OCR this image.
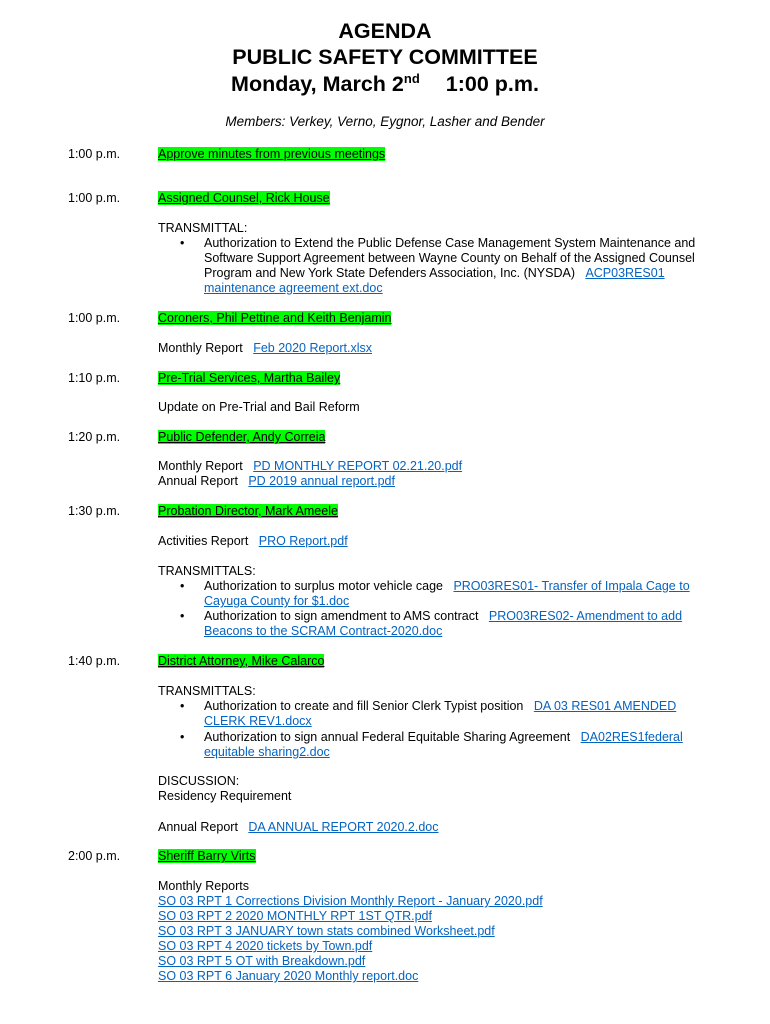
AGENDA
PUBLIC SAFETY COMMITTEE
Monday, March 2nd 1:00 p.m.
Members: Verkey, Verno, Eygnor, Lasher and Bender
1:00 p.m.	Approve minutes from previous meetings
1:00 p.m.	Assigned Counsel, Rick House
TRANSMITTAL:
• Authorization to Extend the Public Defense Case Management System Maintenance and
Software Support Agreement between Wayne County on Behalf of the Assigned Counsel
Program and New York State Defenders Association, Inc. (NYSDA) ACP03RES01
maintenance agreement ext.doc
1:00 p.m.	Coroners, Phil Pettine and Keith Benjamin
Monthly Report Feb 2020 Report.xlsx
1:10 p.m.	Pre-Trial Services, Martha Bailey
Update on Pre-Trial and Bail Reform
1:20 p.m.	Public Defender, Andy Correia
Monthly Report PD MONTHLY REPORT 02.21.20.pdf
Annual Report PD 2019 annual report.pdf
1:30 p.m.	Probation Director, Mark Ameele
Activities Report PRO Report.pdf
TRANSMITTALS:
• Authorization to surplus motor vehicle cage PRO03RES01- Transfer of Impala Cage to
Cayuga County for $1.doc
• Authorization to sign amendment to AMS contract PRO03RES02- Amendment to add
Beacons to the SCRAM Contract-2020.doc
1:40 p.m.	District Attorney, Mike Calarco
TRANSMITTALS:
• Authorization to create and fill Senior Clerk Typist position DA 03 RES01 AMENDED
CLERK REV1.docx
• Authorization to sign annual Federal Equitable Sharing Agreement DA02RES1federal
equitable sharing2.doc
DISCUSSION:
Residency Requirement
Annual Report DA ANNUAL REPORT 2020.2.doc
2:00 p.m.	Sheriff Barry Virts
Monthly Reports
SO 03 RPT 1 Corrections Division Monthly Report - January 2020.pdf
SO 03 RPT 2 2020 MONTHLY RPT 1ST QTR.pdf
SO 03 RPT 3 JANUARY town stats combined Worksheet.pdf
SO 03 RPT 4 2020 tickets by Town.pdf
SO 03 RPT 5 OT with Breakdown.pdf
SO 03 RPT 6 January 2020 Monthly report.doc
